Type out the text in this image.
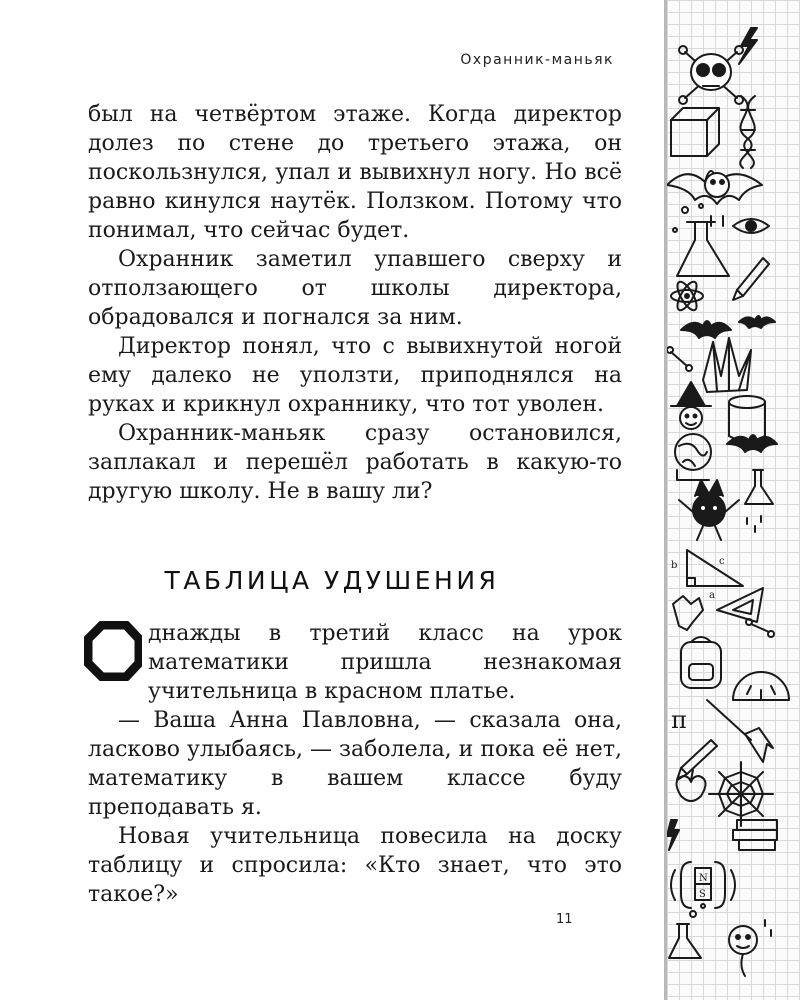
Охранник-маньяк

был на четвёртом этаже. Когда директор долез по стене до третьего этажа, он поскользнулся, упал и вывихнул ногу. Но всё равно кинулся наутёк. Ползком. Потому что понимал, что сейчас будет.

Охранник заметил упавшего сверху и отползающего от школы директора, обрадовался и погнался за ним.

Директор понял, что с вывихнутой ногой ему далеко не уползти, приподнялся на руках и крикнул охраннику, что тот уволен.

Охранник-маньяк сразу остановился, заплакал и перешёл работать в какую-то другую школу. Не в вашу ли?

ТАБЛИЦА УДУШЕНИЯ

О
днажды в третий класс на урок математики пришла незнакомая учительница в красном платье.

— Ваша Анна Павловна, — сказала она, ласково улыбаясь, — заболела, и пока её нет, математику в вашем классе буду преподавать я.

Новая учительница повесила на доску таблицу и спросила: «Кто знает, что это такое?»

11
b
a
c
π
N
S
